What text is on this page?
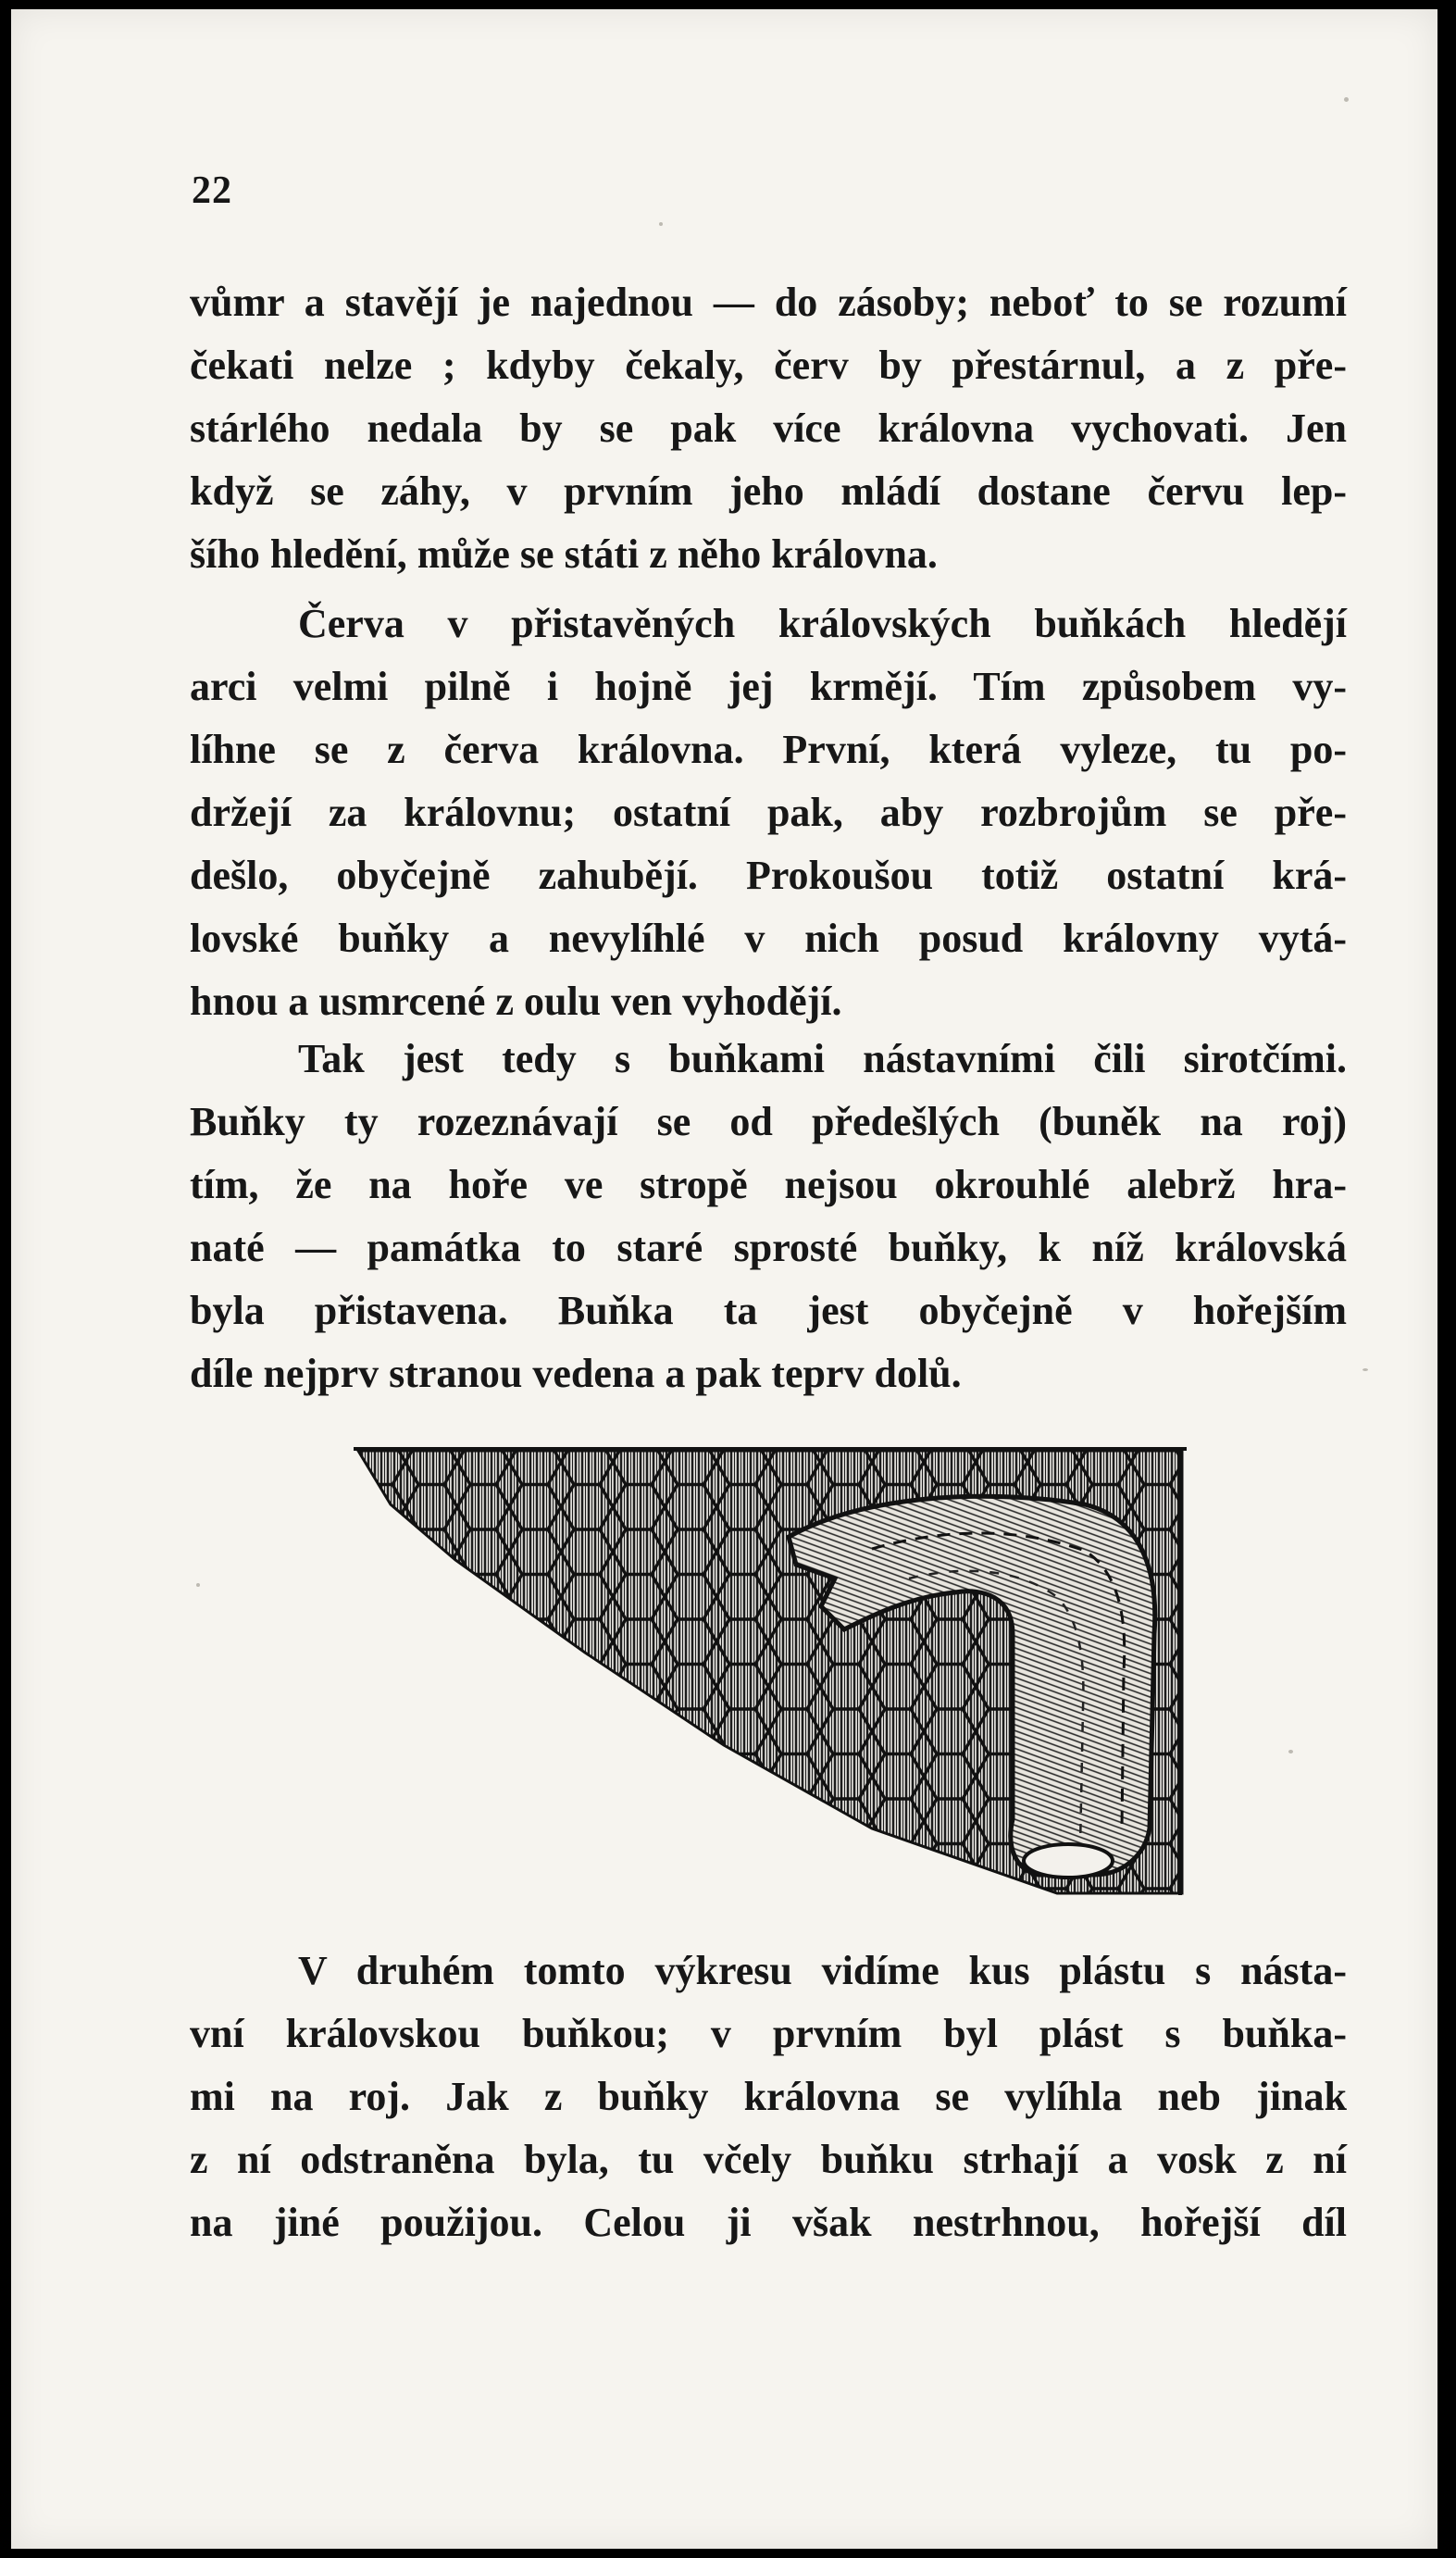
22

vůmr a stavějí je najednou — do zásoby; neboť to se rozumí
čekati nelze ; kdyby čekaly, červ by přestárnul, a z pře-
stárlého nedala by se pak více královna vychovati. Jen
když se záhy, v prvním jeho mládí dostane červu lep-
šího hledění, může se státi z něho královna.

Červa v přistavěných královských buňkách hledějí
arci velmi pilně i hojně jej krmějí. Tím způsobem vy-
líhne se z červa královna. První, která vyleze, tu po-
držejí za královnu; ostatní pak, aby rozbrojům se pře-
dešlo, obyčejně zahubějí. Prokoušou totiž ostatní krá-
lovské buňky a nevylíhlé v nich posud královny vytá-
hnou a usmrcené z oulu ven vyhodějí.

Tak jest tedy s buňkami nástavními čili sirotčími.
Buňky ty rozeznávají se od předešlých (buněk na roj)
tím, že na hoře ve stropě nejsou okrouhlé alebrž hra-
naté — památka to staré sprosté buňky, k níž královská
byla přistavena. Buňka ta jest obyčejně v hořejším
díle nejprv stranou vedena a pak teprv dolů.

V druhém tomto výkresu vidíme kus plástu s násta-
vní královskou buňkou; v prvním byl plást s buňka-
mi na roj. Jak z buňky královna se vylíhla neb jinak
z ní odstraněna byla, tu včely buňku strhají a vosk z ní
na jiné použijou. Celou ji však nestrhnou, hořejší díl
